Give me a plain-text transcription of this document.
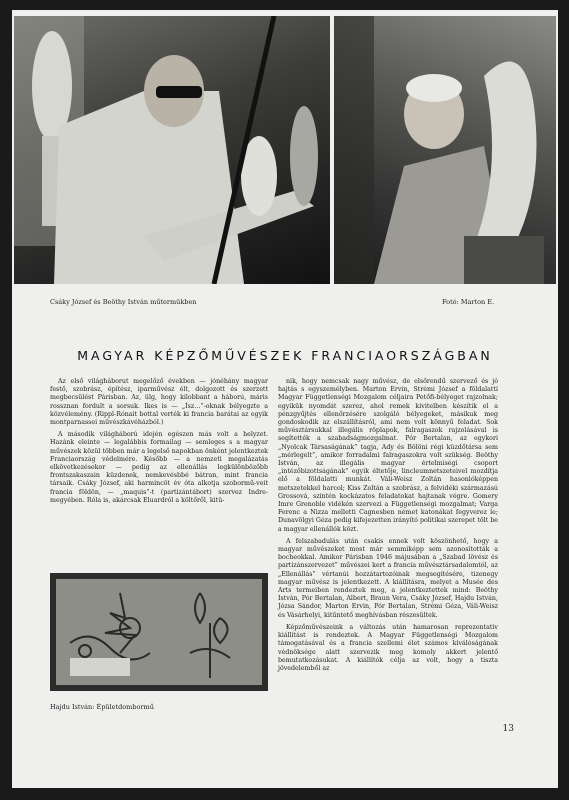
Csáky József és Beöthy István műtermükben	Fotó: Marton E.
MAGYAR KÉPZŐMŰVÉSZEK FRANCIAORSZÁGBAN

Az első világháborut megelőző években — jónéhány magyar festő, szobrász, építész, iparművész élt, dolgozott és szerzett megbecsülést Párisban. Az, ülg, hogy kilobbant a háború, máris rossznan fordult a sorsuk. Ikes is — „Ísz…”-oknak bélyegzte a közvélemény. (Rippl-Rónait bottal verték ki francia barátai az egyik montparnassei művészkávéházból.)

A második világháború idején egészen más volt a helyzet. Hazánk eleinte — legalábbis formailag — semleges s a magyar művészek közül többen már a legelső napokban önként jelentkeztek Franciaország védelmére. Később — a nemzeti megalázatás elkövetkezésekor — pedig az ellenállás legkülönbözőbb frontszakaszain küzdenek, nemkevésbbé bátran, mint francia társaik. Csáky József, aki harmincöt év óta alkotja szobormű-veit francia földön, — „maquis”-t (partizántábort) szervez Indre-megyében. Róla is, akárcsak Eluardról a költőről, kitü-

nik, hogy nemcsak nagy művész, de elsőrendű szervező és jó hajtás s egyszemélyben. Marton Ervin, Strémi József a földalatti Magyar Függetlenségi Mozgalom céljaira Petőfi-bélyeget rajzolnak; egyikük nyomdát szerez, ahol remek kivitelben készítik el a pénzgyűjtés ellenőrzésére szolgáló bélyegeket, másikuk meg gondoskodik az elszállításról, ami nem volt könnyű feladat. Sok művésztársukkal illegális röplapok, falragaszok rajzolásával is segítették a szabadságmozgalmat. Pór Bertalan, az egykori „Nyolcak Társaságának” tagja, Ady és Bölöni régi küzdőtársa sem „mérlegelt”, amikor forradalmi falragaszokra volt szükség. Beöthy István, az illegális magyar értelmiségi csoport „intézőbizottságának” egyik éltetője, lincleumnetszeteivel mozdítja elő a földalatti munkát. Váli-Weisz Zoltán hasonlóképpen metszetekkel harcol; Kiss Zoltán a szobrász, a felvidéki származású Grossová, szintén kockázatos feladatokat hajtanak végre. Gomery Imre Grenoble vidékén szervezi a Függetlenségi mozgalmat; Varga Ferenc a Nizza melletti Cagnesben német katonákat fegyverez le; Dunavölgyi Géza pedig kifejezetten irányító politikai szerepet tölt be a magyar ellenállók közt.

A felszabadulás után csakis ennek volt köszönhető, hogy a magyar művészeket most már semmiképp sem azonosították a bocheokkal. Amikor Párisban 1946 májusában a „Szabad lövész és partizánszervezet” művészei kert a francia művésztársadalomtól, az „Ellenállás” vértanúi hozzátartozóinak megsegítésére, tizenegy magyar művész is jelentkezett. A kiállításra, melyet a Musée des Arts termeiben rendeztek meg, a jelentkeztettek mind: Beöthy István, Pór Bertalan, Albert, Braun Vera, Csáky József, Hajdu István, Józsa Sándor, Marton Ervin, Pór Bertalan, Strémi Géza, Váli-Weisz és Vásárhelyi, kitűntető meghívásban részesültek.

Képzőművészeink a változás után hamarosan reprezentativ kiállítást is rendeztek. A Magyar Függetlenségi Mozgalom támogatásával és a francia szellemi élet számos kiválóságának védnöksége alatt szervezik meg komoly akkert jelentő bemutatkozásukat. A kiállítók célja az volt, hogy a tiszta jövedelemből az

Hajdu István: Épületdombormű
13
